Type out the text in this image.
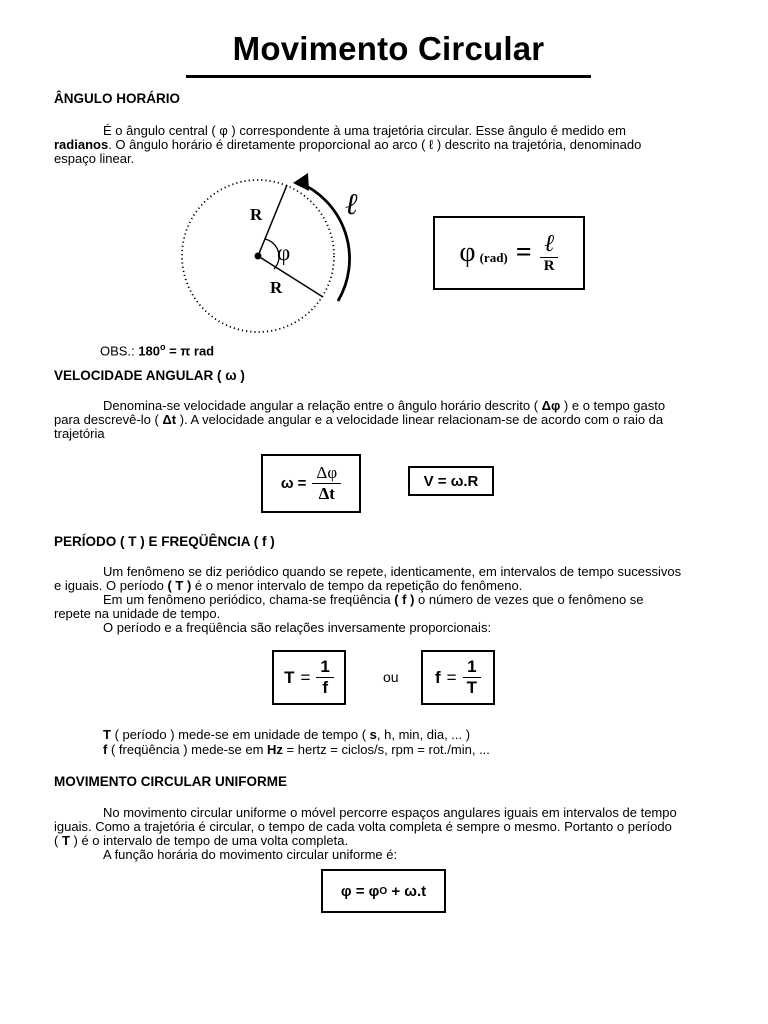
Movimento Circular
ÂNGULO HORÁRIO

É o ângulo central ( φ ) correspondente à uma trajetória circular. Esse ângulo é medido em

radianos. O ângulo horário é diretamente proporcional ao arco ( ℓ ) descrito na trajetória, denominado

espaço linear.

R
R
φ
ℓ
φ $(rad) = \frac{\text{ℓ}}{R}$
OBS.: $180^o = \pi$ rad
VELOCIDADE ANGULAR ( ω )

Denomina-se velocidade angular a relação entre o ângulo horário descrito ( Δφ ) e o tempo gasto

para descrevê-lo ( Δt ). A velocidade angular e a velocidade linear relacionam-se de acordo com o raio da

trajetória

$\omega = \frac{\Delta\varphi}{\Delta t}$	V = ω.R
PERÍODO ( T ) E FREQÜÊNCIA ( f )

Um fenômeno se diz periódico quando se repete, identicamente, em intervalos de tempo sucessivos

e iguais. O período ( T ) é o menor intervalo de tempo da repetição do fenômeno.

Em um fenômeno periódico, chama-se freqüência ( f ) o número de vezes que o fenômeno se

repete na unidade de tempo.

O período e a freqüência são relações inversamente proporcionais:

$T = \frac{1}{f}$	ou $f = \frac{1}{T}$
T ( período ) mede-se em unidade de tempo ( s, h, min, dia, ... )
f ( freqüência ) mede-se em Hz = hertz = ciclos/s, rpm = rot./min, ...
MOVIMENTO CIRCULAR UNIFORME

No movimento circular uniforme o móvel percorre espaços angulares iguais em intervalos de tempo

iguais. Como a trajetória é circular, o tempo de cada volta completa é sempre o mesmo. Portanto o período

( T ) é o intervalo de tempo de uma volta completa.

A função horária do movimento circular uniforme é:

φ = φ O + ω.t
